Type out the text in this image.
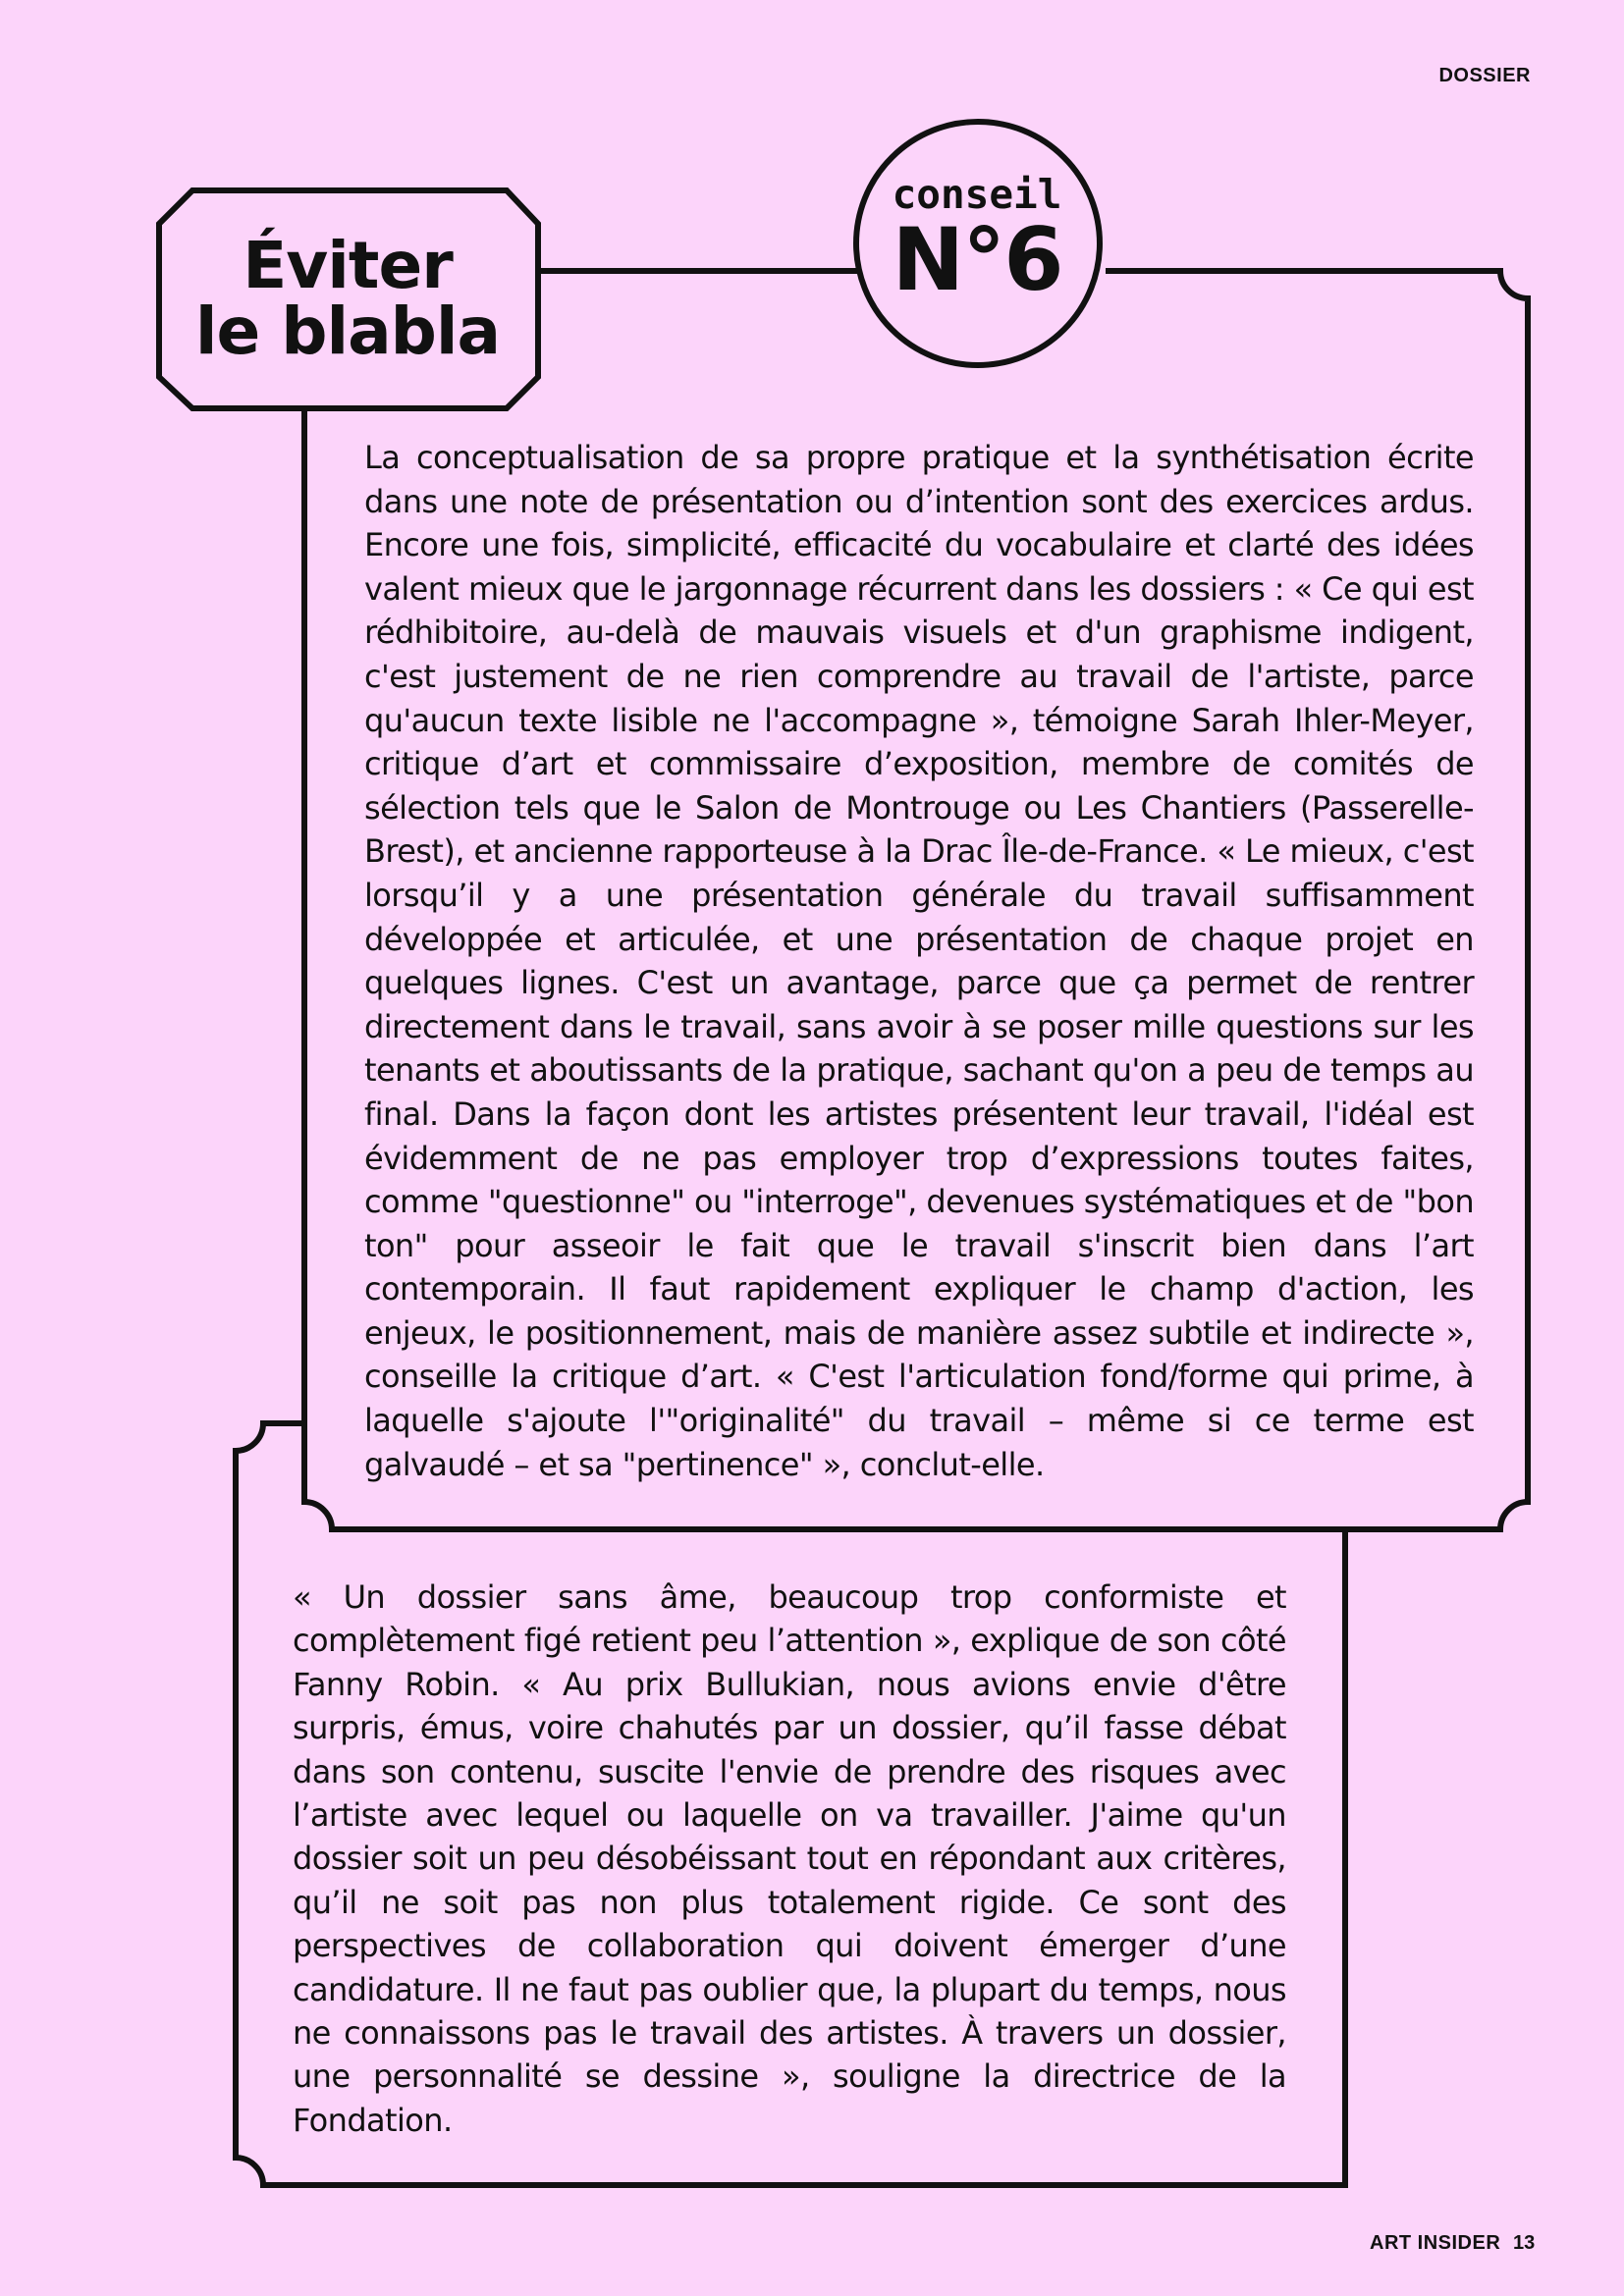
DOSSIER
Éviter
le blabla
conseil
N°6

La conceptualisation de sa propre pratique et la synthétisation écrite dans une note de présentation ou d’intention sont des exercices ardus. Encore une fois, simplicité, efficacité du vocabulaire et clarté des idées valent mieux que le jargonnage récurrent dans les dossiers : « Ce qui est rédhibitoire, au-delà de mauvais visuels et d'un graphisme indigent, c'est justement de ne rien comprendre au travail de l'artiste, parce qu'aucun texte lisible ne l'accompagne », témoigne Sarah Ihler-Meyer, critique d’art et commissaire d’exposition, membre de comités de sélection tels que le Salon de Montrouge ou Les Chantiers (Passerelle-Brest), et ancienne rapporteuse à la Drac Île-de-France. « Le mieux, c'est lorsqu’il y a une présentation générale du travail suffisamment développée et articulée, et une présentation de chaque projet en quelques lignes. C'est un avantage, parce que ça permet de rentrer directement dans le travail, sans avoir à se poser mille questions sur les tenants et aboutissants de la pratique, sachant qu'on a peu de temps au final. Dans la façon dont les artistes présentent leur travail, l'idéal est évidemment de ne pas employer trop d’expressions toutes faites, comme "questionne" ou "interroge", devenues systématiques et de "bon ton" pour asseoir le fait que le travail s'inscrit bien dans l’art contemporain. Il faut rapidement expliquer le champ d'action, les enjeux, le positionnement, mais de manière assez subtile et indirecte », conseille la critique d’art. « C'est l'articulation fond/forme qui prime, à laquelle s'ajoute l'"originalité" du travail – même si ce terme est galvaudé – et sa "pertinence" », conclut-elle.

« Un dossier sans âme, beaucoup trop conformiste et complètement figé retient peu l’attention », explique de son côté Fanny Robin. « Au prix Bullukian, nous avions envie d'être surpris, émus, voire chahutés par un dossier, qu’il fasse débat dans son contenu, suscite l'envie de prendre des risques avec l’artiste avec lequel ou laquelle on va travailler. J'aime qu'un dossier soit un peu désobéissant tout en répondant aux critères, qu’il ne soit pas non plus totalement rigide. Ce sont des perspectives de collaboration qui doivent émerger d’une candidature. Il ne faut pas oublier que, la plupart du temps, nous ne connaissons pas le travail des artistes. À travers un dossier, une personnalité se dessine », souligne la directrice de la Fondation.

ART INSIDER 13
